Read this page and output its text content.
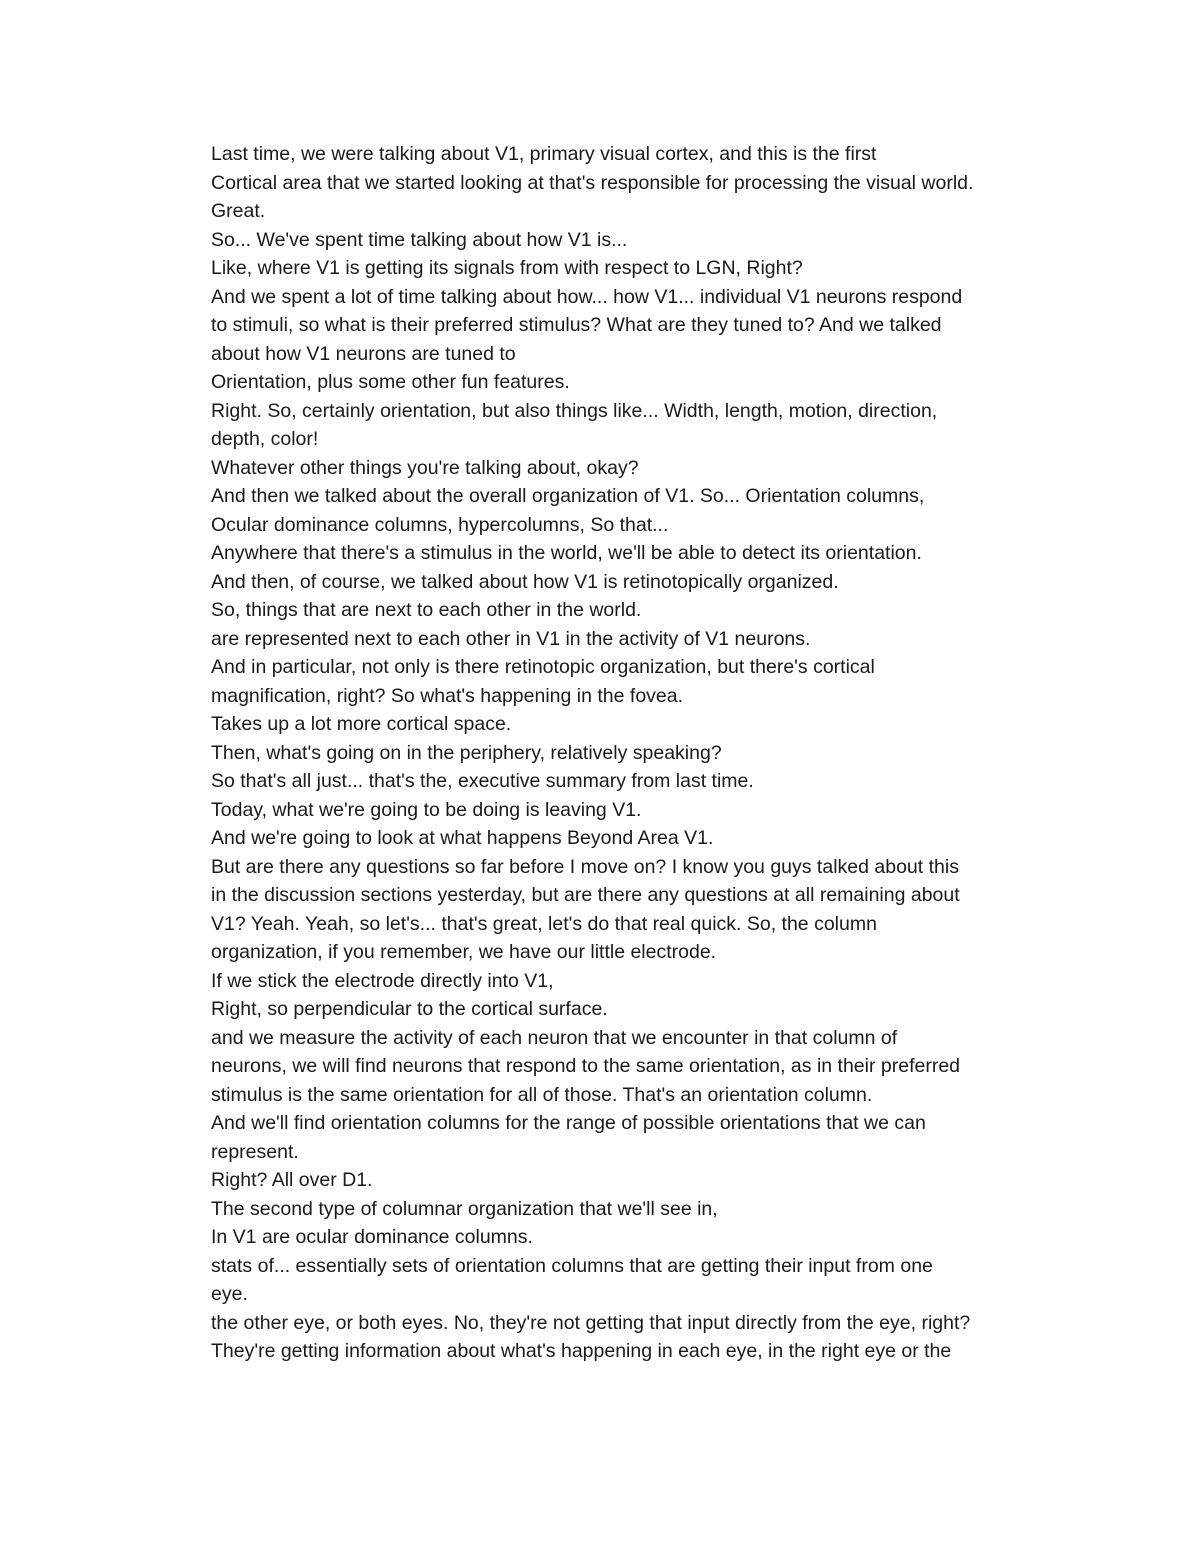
Last time, we were talking about V1, primary visual cortex, and this is the first
Cortical area that we started looking at that's responsible for processing the visual world.
Great.
So... We've spent time talking about how V1 is...
Like, where V1 is getting its signals from with respect to LGN, Right?
And we spent a lot of time talking about how... how V1... individual V1 neurons respond
to stimuli, so what is their preferred stimulus? What are they tuned to? And we talked
about how V1 neurons are tuned to
Orientation, plus some other fun features.
Right. So, certainly orientation, but also things like... Width, length, motion, direction,
depth, color!
Whatever other things you're talking about, okay?
And then we talked about the overall organization of V1. So... Orientation columns,
Ocular dominance columns, hypercolumns, So that...
Anywhere that there's a stimulus in the world, we'll be able to detect its orientation.
And then, of course, we talked about how V1 is retinotopically organized.
So, things that are next to each other in the world.
are represented next to each other in V1 in the activity of V1 neurons.
And in particular, not only is there retinotopic organization, but there's cortical
magnification, right? So what's happening in the fovea.
Takes up a lot more cortical space.
Then, what's going on in the periphery, relatively speaking?
So that's all just... that's the, executive summary from last time.
Today, what we're going to be doing is leaving V1.
And we're going to look at what happens Beyond Area V1.
But are there any questions so far before I move on? I know you guys talked about this
in the discussion sections yesterday, but are there any questions at all remaining about
V1? Yeah. Yeah, so let's... that's great, let's do that real quick. So, the column
organization, if you remember, we have our little electrode.
If we stick the electrode directly into V1,
Right, so perpendicular to the cortical surface.
and we measure the activity of each neuron that we encounter in that column of
neurons, we will find neurons that respond to the same orientation, as in their preferred
stimulus is the same orientation for all of those. That's an orientation column.
And we'll find orientation columns for the range of possible orientations that we can
represent.
Right? All over D1.
The second type of columnar organization that we'll see in,
In V1 are ocular dominance columns.
stats of... essentially sets of orientation columns that are getting their input from one
eye.
the other eye, or both eyes. No, they're not getting that input directly from the eye, right?
They're getting information about what's happening in each eye, in the right eye or the
